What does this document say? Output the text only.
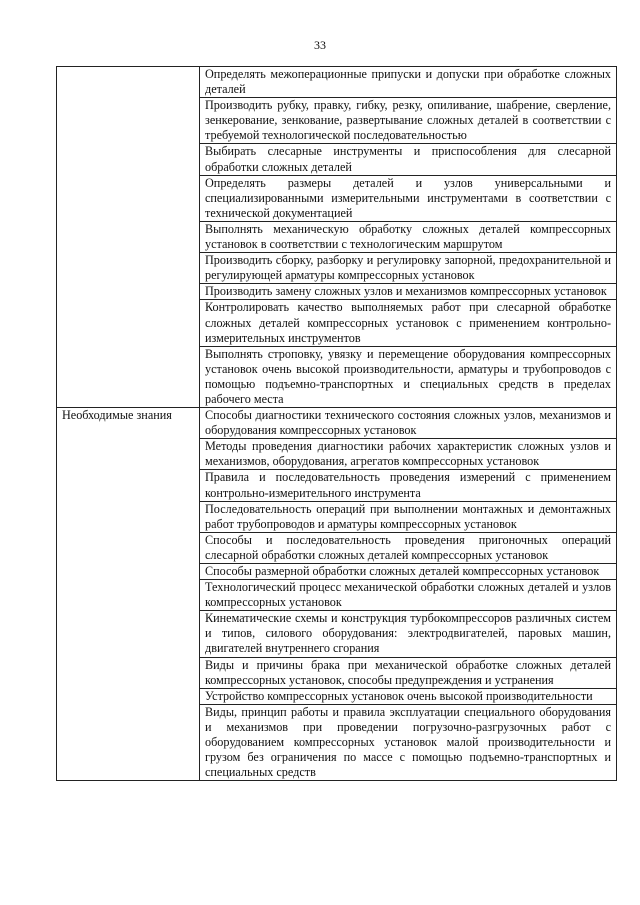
33
	Определять межоперационные припуски и допуски при обработке сложных деталей
	Производить рубку, правку, гибку, резку, опиливание, шабрение, сверление, зенкерование, зенкование, развертывание сложных деталей в соответствии с требуемой технологической последовательностью
	Выбирать слесарные инструменты и приспособления для слесарной обработки сложных деталей
	Определять размеры деталей и узлов универсальными и специализированными измерительными инструментами в соответствии с технической документацией
	Выполнять механическую обработку сложных деталей компрессорных установок в соответствии с технологическим маршрутом
	Производить сборку, разборку и регулировку запорной, предохранительной и регулирующей арматуры компрессорных установок
	Производить замену сложных узлов и механизмов компрессорных установок
	Контролировать качество выполняемых работ при слесарной обработке сложных деталей компрессорных установок с применением контрольно-измерительных инструментов
	Выполнять строповку, увязку и перемещение оборудования компрессорных установок очень высокой производительности, арматуры и трубопроводов с помощью подъемно-транспортных и специальных средств в пределах рабочего места
Необходимые знания	Способы диагностики технического состояния сложных узлов, механизмов и оборудования компрессорных установок
	Методы проведения диагностики рабочих характеристик сложных узлов и механизмов, оборудования, агрегатов компрессорных установок
	Правила и последовательность проведения измерений с применением контрольно-измерительного инструмента
	Последовательность операций при выполнении монтажных и демонтажных работ трубопроводов и арматуры компрессорных установок
	Способы и последовательность проведения пригоночных операций слесарной обработки сложных деталей компрессорных установок
	Способы размерной обработки сложных деталей компрессорных установок
	Технологический процесс механической обработки сложных деталей и узлов компрессорных установок
	Кинематические схемы и конструкция турбокомпрессоров различных систем и типов, силового оборудования: электродвигателей, паровых машин, двигателей внутреннего сгорания
	Виды и причины брака при механической обработке сложных деталей компрессорных установок, способы предупреждения и устранения
	Устройство компрессорных установок очень высокой производительности
	Виды, принцип работы и правила эксплуатации специального оборудования и механизмов при проведении погрузочно-разгрузочных работ с оборудованием компрессорных установок малой производительности и грузом без ограничения по массе с помощью подъемно-транспортных и специальных средств
